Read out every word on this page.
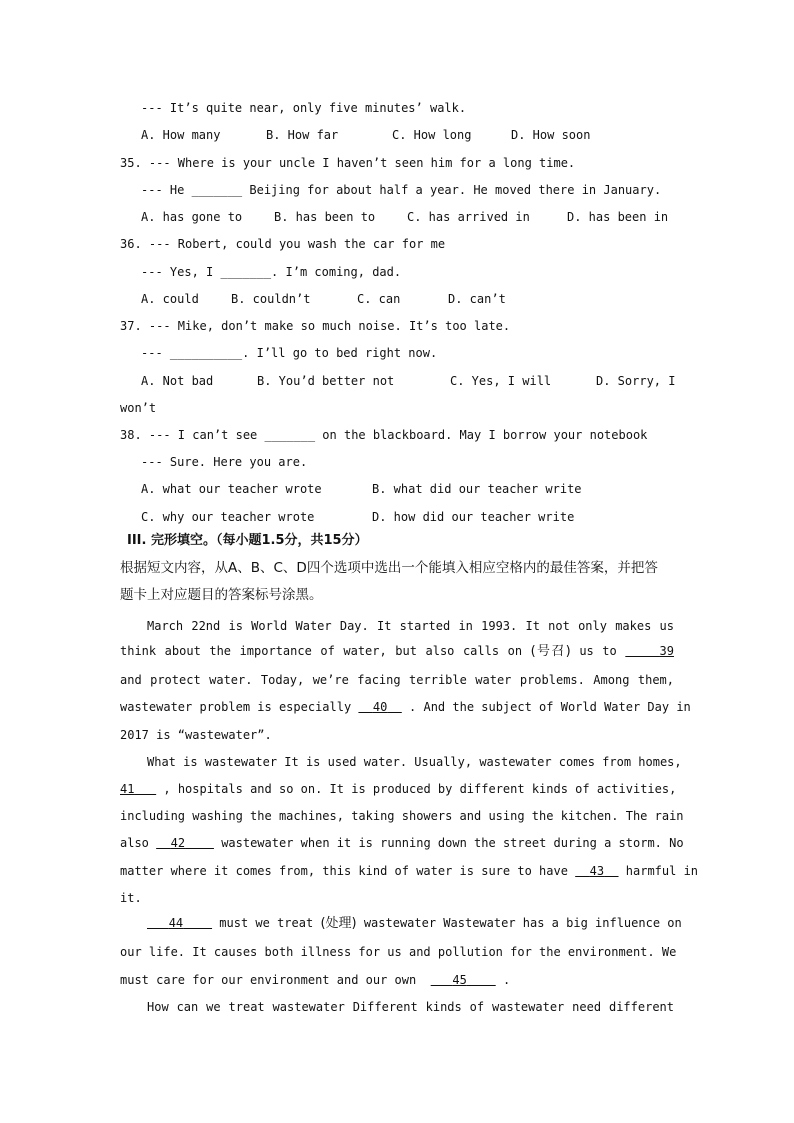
--- It’s quite near, only five minutes’ walk.
A. How many	B. How far	C. How long	D. How soon
35. --- Where is your uncle I haven’t seen him for a long time.
--- He _______ Beijing for about half a year. He moved there in January.
A. has gone to	B. has been to	C. has arrived in	D. has been in
36. --- Robert, could you wash the car for me
--- Yes, I _______. I’m coming, dad.
A. could	B. couldn’t	C. can	D. can’t
37. --- Mike, don’t make so much noise. It’s too late.
--- __________. I’ll go to bed right now.
A. Not bad	B. You’d better not	C. Yes, I will	D. Sorry, I
won’t
38. --- I can’t see _______ on the blackboard. May I borrow your notebook
--- Sure. Here you are.
A. what our teacher wrote	B. what did our teacher write
C. why our teacher wrote	D. how did our teacher write
III. 完形填空。（每小题1.5分，共15分）
根据短文内容，从A、B、C、D四个选项中选出一个能填入相应空格内的最佳答案，并把答
题卡上对应题目的答案标号涂黑。
March 22nd is World Water Day. It started in 1993. It not only makes us
think about the importance of water, but also calls on (号召) us to	39
and protect water. Today, we’re facing terrible water problems. Among them,
wastewater problem is especially 40 . And the subject of World Water Day in
2017 is “wastewater”.
What is wastewater It is used water. Usually, wastewater comes from homes,
41 , hospitals and so on. It is produced by different kinds of activities,
including washing the machines, taking showers and using the kitchen. The rain
also 42	wastewater when it is running down the street during a storm. No
matter where it comes from, this kind of water is sure to have 43 harmful in
it.
44	must we treat (处理) wastewater Wastewater has a big influence on
our life. It causes both illness for us and pollution for the environment. We
must care for our environment and our own	45	.
How can we treat wastewater Different kinds of wastewater need different
